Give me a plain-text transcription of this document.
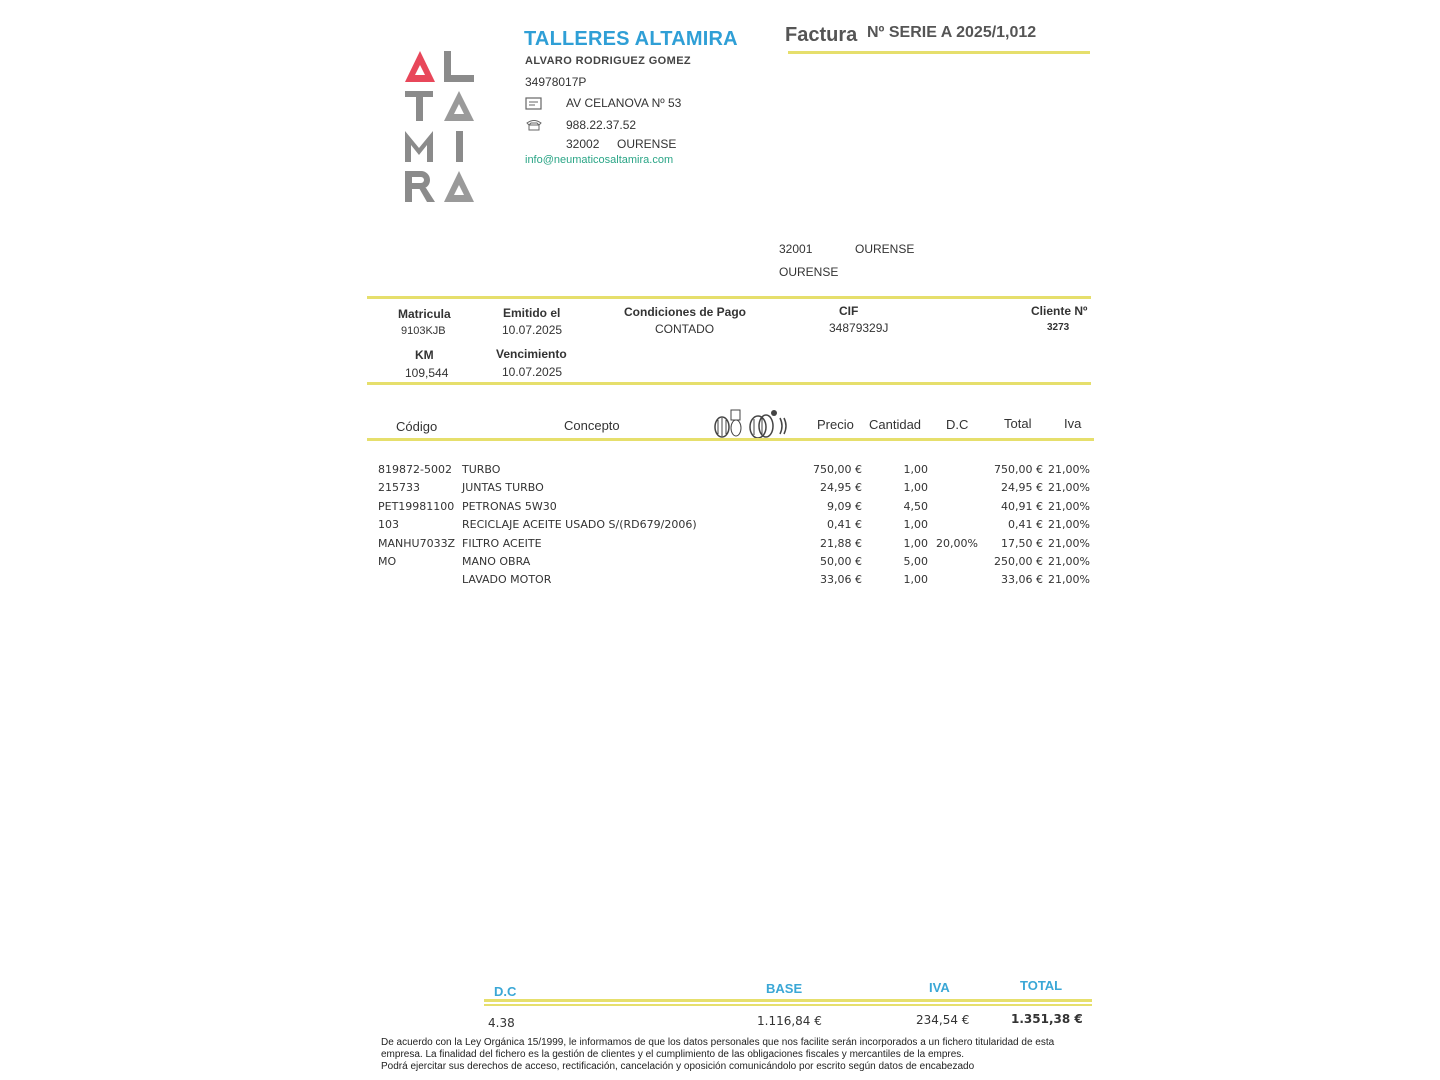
TALLERES ALTAMIRA
ALVARO RODRIGUEZ GOMEZ
34978017P
AV CELANOVA Nº 53
988.22.37.52
32002 OURENSE
info@neumaticosaltamira.com
Factura Nº SERIE A 2025/1,012
32001	OURENSE
OURENSE
Matricula
9103KJB
KM
109,544
Emitido el
10.07.2025
Vencimiento
10.07.2025
Condiciones de Pago
CONTADO
CIF
34879329J
Cliente Nº
3273
Código	Concepto	Precio Cantidad D.C	Total	Iva
819872-5002 TURBO	750,00 €	1,00	750,00 € 21,00%
215733	JUNTAS TURBO	24,95 €	1,00	24,95 € 21,00%
PET19981100 PETRONAS 5W30	9,09 €	4,50	40,91 € 21,00%
103	RECICLAJE ACEITE USADO S/(RD679/2006)	0,41 €	1,00	0,41 € 21,00%
MANHU7033Z FILTRO ACEITE	21,88 €	1,00 20,00% 17,50 € 21,00%
MO	MANO OBRA	50,00 €	5,00	250,00 € 21,00%
LAVADO MOTOR	33,06 €	1,00	33,06 € 21,00%
D.C	BASE	IVA	TOTAL
4.38	1.116,84 €	234,54 €	1.351,38 €
De acuerdo con la Ley Orgánica 15/1999, le informamos de que los datos personales que nos facilite serán incorporados a un fichero titularidad de esta
empresa. La finalidad del fichero es la gestión de clientes y el cumplimiento de las obligaciones fiscales y mercantiles de la empres.
Podrá ejercitar sus derechos de acceso, rectificación, cancelación y oposición comunicándolo por escrito según datos de encabezado
